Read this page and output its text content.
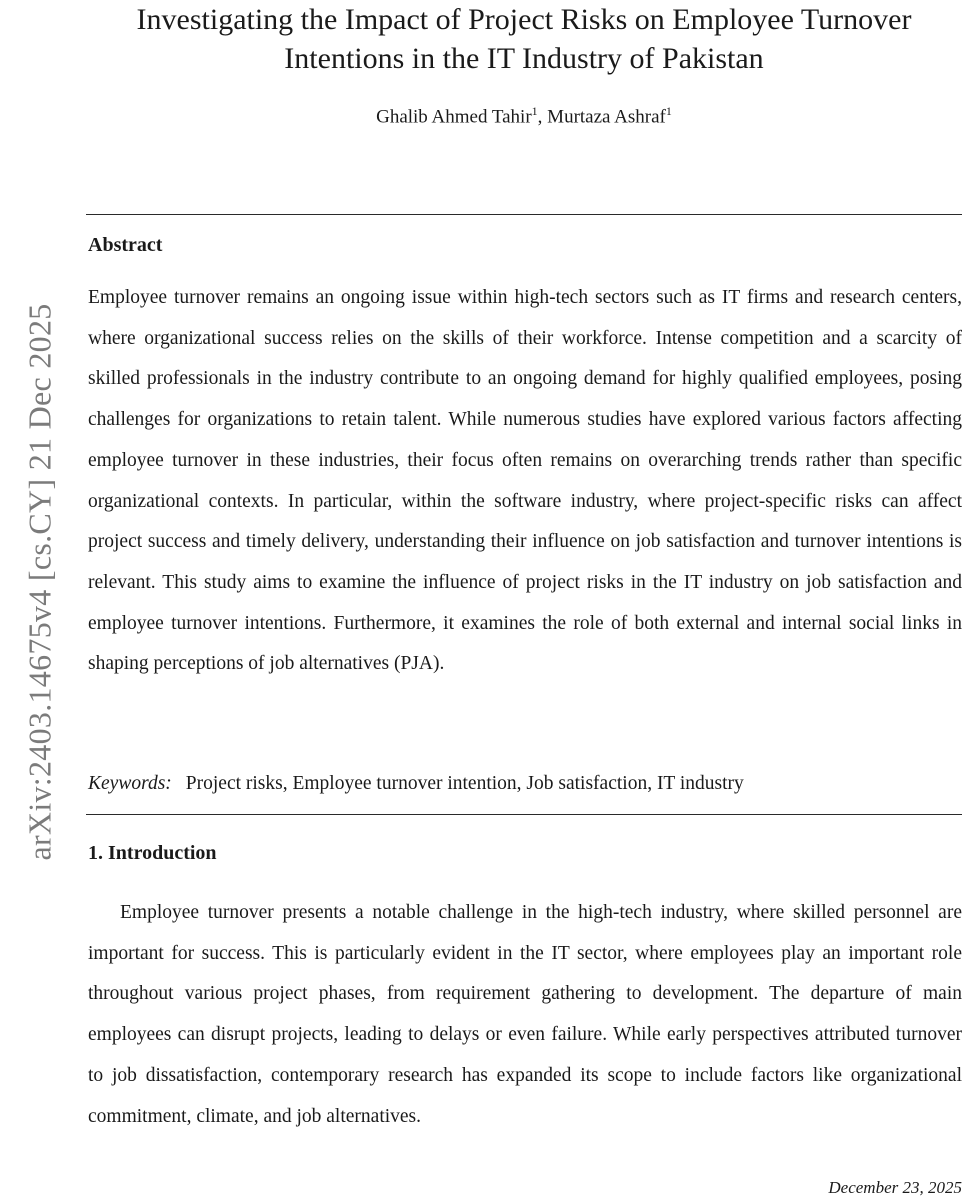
arXiv:2403.14675v4 [cs.CY] 21 Dec 2025
Investigating the Impact of Project Risks on Employee Turnover
Intentions in the IT Industry of Pakistan
Ghalib Ahmed Tahir$^1$, Murtaza Ashraf$^1$
Abstract

Employee turnover remains an ongoing issue within high-tech sectors such as IT firms and research centers, where organizational success relies on the skills of their workforce. Intense competition and a scarcity of skilled professionals in the industry contribute to an ongoing demand for highly qualified employees, posing challenges for organizations to retain talent. While numerous studies have explored various factors affecting employee turnover in these industries, their focus often remains on overarching trends rather than specific organizational contexts. In particular, within the software industry, where project-specific risks can affect project success and timely delivery, understanding their influence on job satisfaction and turnover intentions is relevant. This study aims to examine the influence of project risks in the IT industry on job satisfaction and employee turnover intentions. Furthermore, it examines the role of both external and internal social links in shaping perceptions of job alternatives (PJA).

Keywords: Project risks, Employee turnover intention, Job satisfaction, IT industry
1. Introduction

Employee turnover presents a notable challenge in the high-tech industry, where skilled personnel are important for success. This is particularly evident in the IT sector, where employees play an important role throughout various project phases, from requirement gathering to development. The departure of main employees can disrupt projects, leading to delays or even failure. While early perspectives attributed turnover to job dissatisfaction, contemporary research has expanded its scope to include factors like organizational commitment, climate, and job alternatives.

December 23, 2025
